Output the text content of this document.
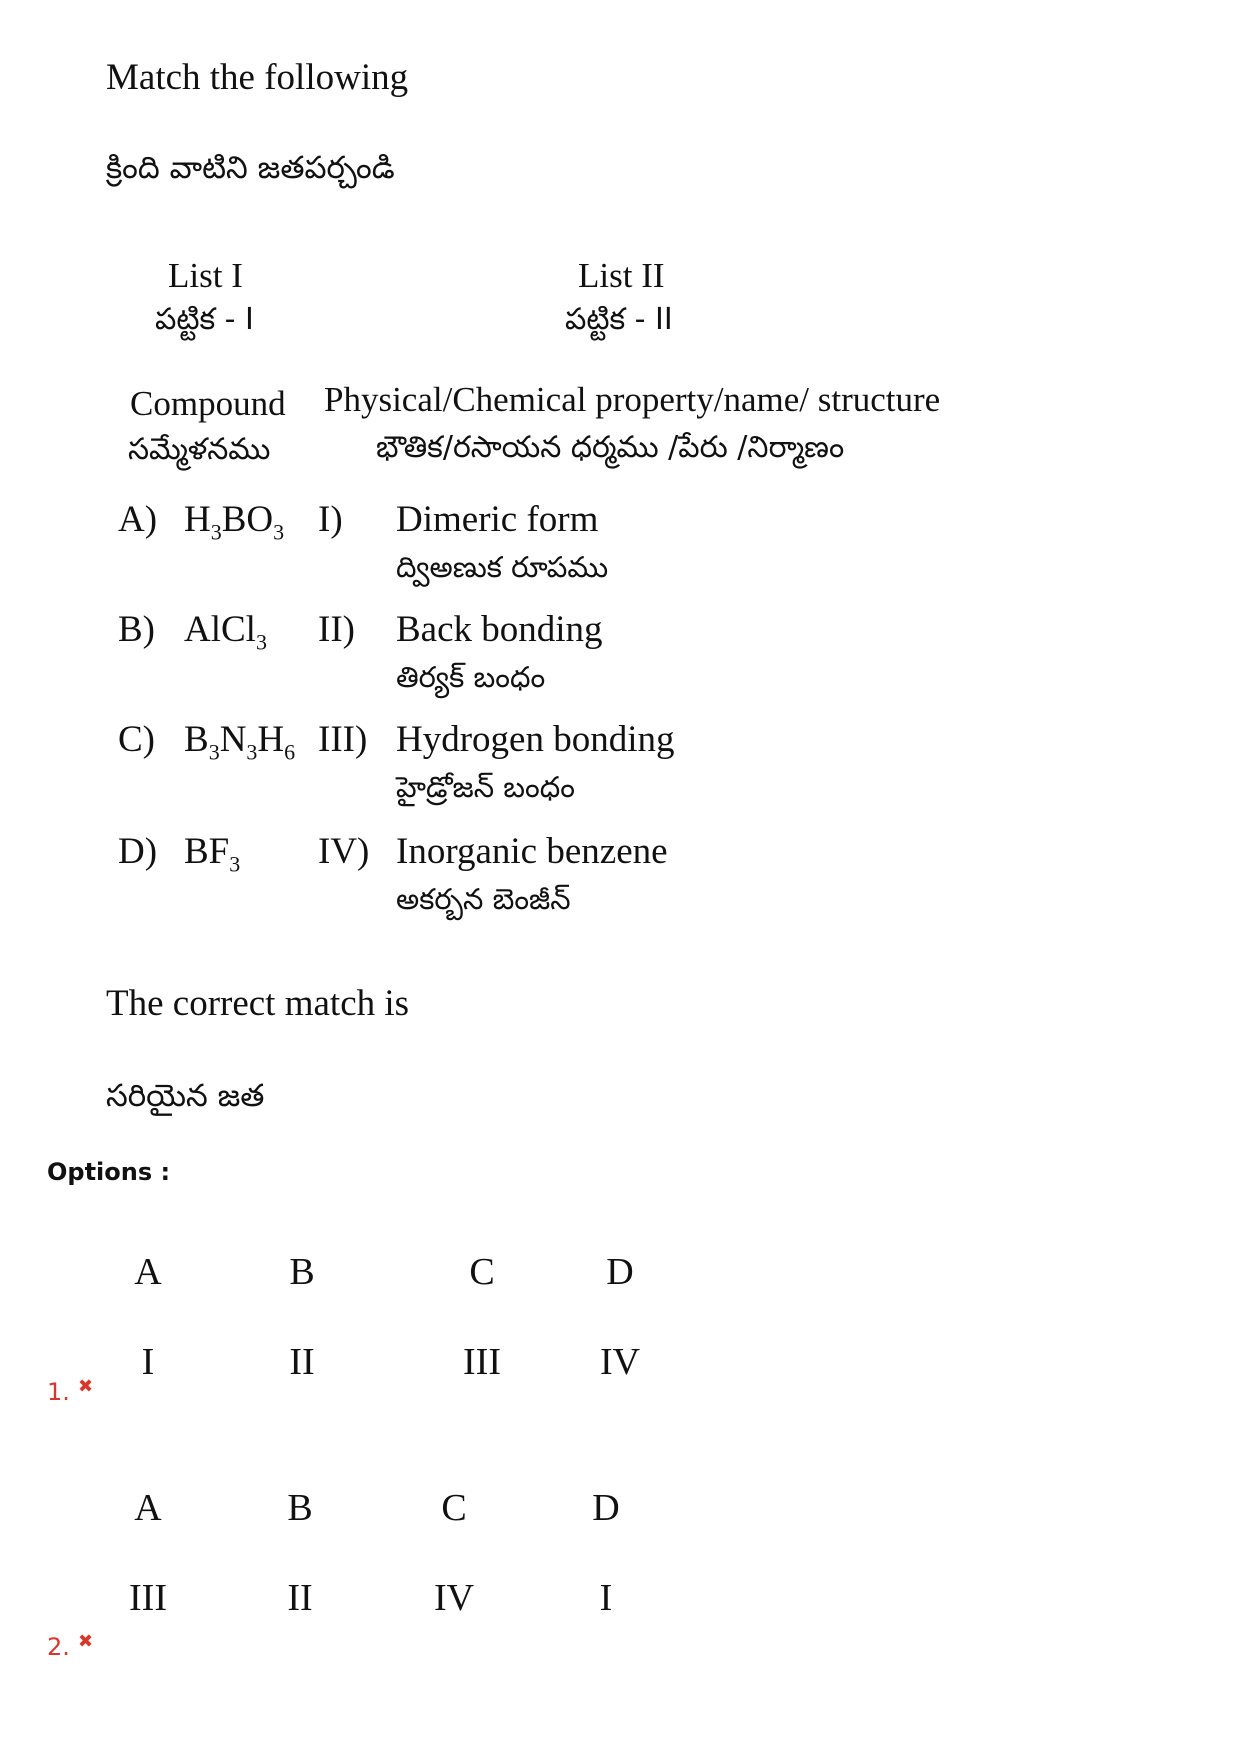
Match the following
క్రింది వాటిని జతపర్చండి
List I
పట్టిక - I
List II
పట్టిక - II
Compound
సమ్మేళనము
Physical/Chemical property/name/ structure
భౌతిక/రసాయన ధర్మము /పేరు /నిర్మాణం
A) $H_3BO_3$ I) Dimeric form
ద్విఅణుక రూపము
B) AlCl$_3$ II) Back bonding
తిర్యక్ బంధం
C) $B_3N_3H_6$ III) Hydrogen bonding
హైడ్రోజన్ బంధం
D) $BF_3$ IV) Inorganic benzene
అకర్బన బెంజీన్
The correct match is
సరియైన జత
Options :
A	B	C	D
I	II	III	IV
1. ✖
A	B	C	D
III	II	IV	I
2. ✖
